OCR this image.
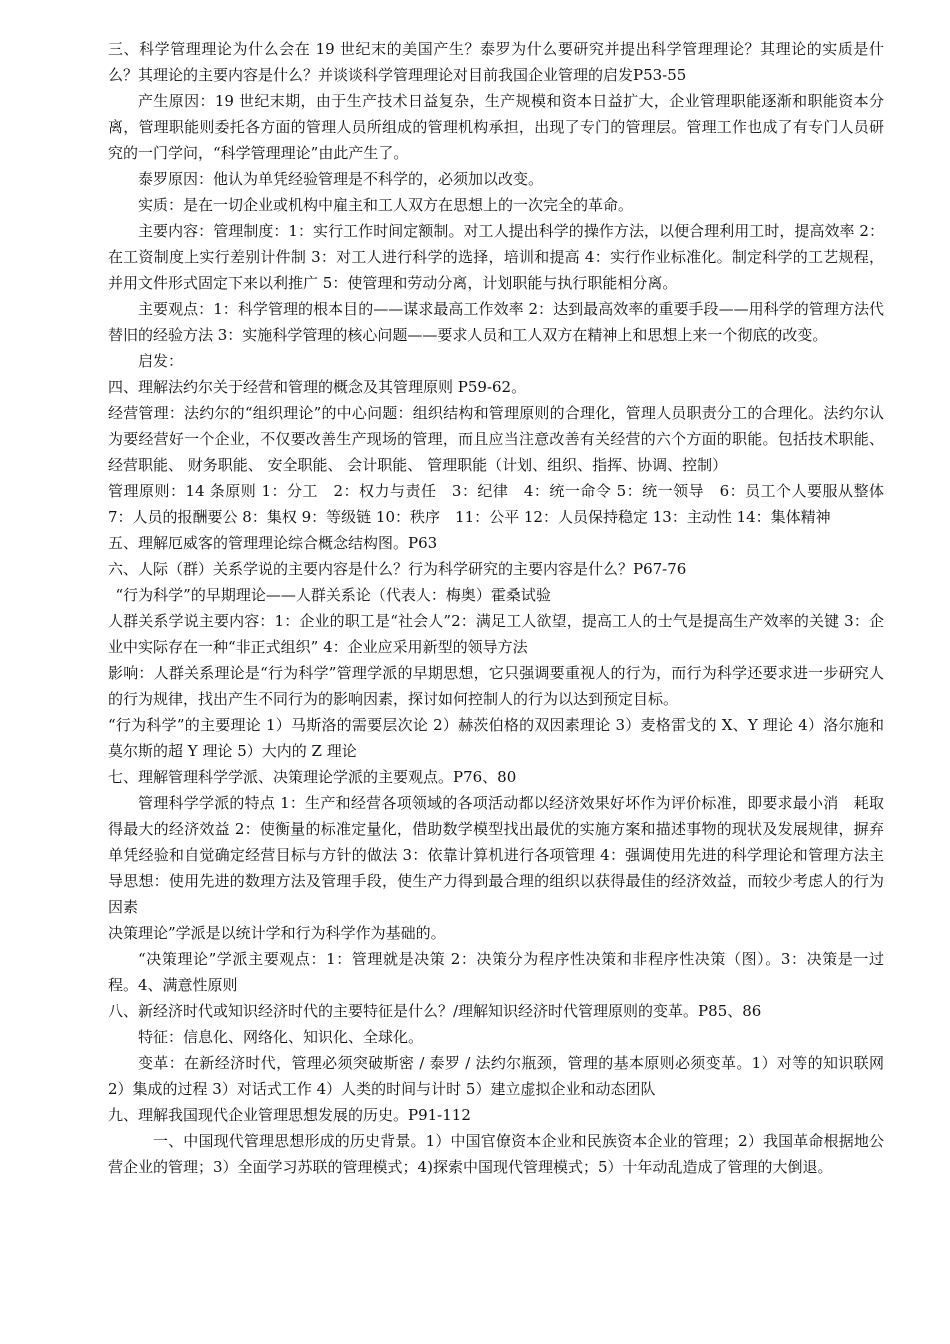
三、科学管理理论为什么会在 19 世纪末的美国产生？泰罗为什么要研究并提出科学管理理论？其理论的实质是什么？其理论的主要内容是什么？并谈谈科学管理理论对目前我国企业管理的启发P53-55

产生原因：19 世纪末期，由于生产技术日益复杂，生产规模和资本日益扩大，企业管理职能逐渐和职能资本分离，管理职能则委托各方面的管理人员所组成的管理机构承担，出现了专门的管理层。管理工作也成了有专门人员研究的一门学问，“科学管理理论”由此产生了。

泰罗原因：他认为单凭经验管理是不科学的，必须加以改变。

实质：是在一切企业或机构中雇主和工人双方在思想上的一次完全的革命。

主要内容：管理制度：1：实行工作时间定额制。对工人提出科学的操作方法，以便合理利用工时，提高效率 2：在工资制度上实行差别计件制 3：对工人进行科学的选择，培训和提高 4：实行作业标准化。制定科学的工艺规程，并用文件形式固定下来以利推广 5：使管理和劳动分离，计划职能与执行职能相分离。

主要观点：1：科学管理的根本目的——谋求最高工作效率 2：达到最高效率的重要手段——用科学的管理方法代替旧的经验方法 3：实施科学管理的核心问题——要求人员和工人双方在精神上和思想上来一个彻底的改变。

启发：

四、理解法约尔关于经营和管理的概念及其管理原则 P59-62。

经营管理：法约尔的“组织理论”的中心问题：组织结构和管理原则的合理化，管理人员职责分工的合理化。法约尔认为要经营好一个企业，不仅要改善生产现场的管理，而且应当注意改善有关经营的六个方面的职能。包括技术职能、 经营职能、 财务职能、 安全职能、 会计职能、 管理职能（计划、组织、指挥、协调、控制）

管理原则：14 条原则 1：分工　2：权力与责任　3：纪律　4：统一命令 5：统一领导　6：员工个人要服从整体 7：人员的报酬要公 8：集权 9：等级链 10：秩序　11：公平 12：人员保持稳定 13：主动性 14：集体精神

五、理解厄威客的管理理论综合概念结构图。P63

六、人际（群）关系学说的主要内容是什么？行为科学研究的主要内容是什么？P67-76

“行为科学”的早期理论——人群关系论（代表人：梅奥）霍桑试验

人群关系学说主要内容：1：企业的职工是“社会人”2：满足工人欲望，提高工人的士气是提高生产效率的关键 3：企业中实际存在一种“非正式组织” 4：企业应采用新型的领导方法

影响：人群关系理论是“行为科学”管理学派的早期思想，它只强调要重视人的行为，而行为科学还要求进一步研究人的行为规律，找出产生不同行为的影响因素，探讨如何控制人的行为以达到预定目标。

“行为科学”的主要理论 1）马斯洛的需要层次论 2）赫茨伯格的双因素理论 3）麦格雷戈的 X、Y 理论 4）洛尔施和莫尔斯的超 Y 理论 5）大内的 Z 理论

七、理解管理科学学派、决策理论学派的主要观点。P76、80

管理科学学派的特点 1：生产和经营各项领域的各项活动都以经济效果好坏作为评价标准，即要求最小消　耗取得最大的经济效益 2：使衡量的标准定量化，借助数学模型找出最优的实施方案和描述事物的现状及发展规律，摒弃单凭经验和自觉确定经营目标与方针的做法 3：依靠计算机进行各项管理 4：强调使用先进的科学理论和管理方法主导思想：使用先进的数理方法及管理手段，使生产力得到最合理的组织以获得最佳的经济效益，而较少考虑人的行为因素

决策理论”学派是以统计学和行为科学作为基础的。

“决策理论”学派主要观点：1：管理就是决策 2：决策分为程序性决策和非程序性决策（图）。3：决策是一过程。4、满意性原则

八、新经济时代或知识经济时代的主要特征是什么？/理解知识经济时代管理原则的变革。P85、86

特征：信息化、网络化、知识化、全球化。

变革：在新经济时代，管理必须突破斯密 / 泰罗 / 法约尔瓶颈，管理的基本原则必须变革。1）对等的知识联网 2）集成的过程 3）对话式工作 4）人类的时间与计时 5）建立虚拟企业和动态团队

九、理解我国现代企业管理思想发展的历史。P91-112

一、中国现代管理思想形成的历史背景。1）中国官僚资本企业和民族资本企业的管理；2）我国革命根据地公营企业的管理；3）全面学习苏联的管理模式；4)探索中国现代管理模式；5）十年动乱造成了管理的大倒退。
